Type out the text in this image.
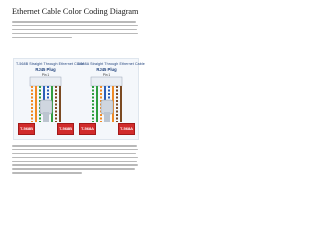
Ethernet Cable Color Coding Diagram
T-568B Straight Through Ethernet Cable
RJ45 Plug
Pin 1
T-568B	T-568B
T-568A Straight Through Ethernet Cable
RJ45 Plug
Pin 1
T-568A	T-568A
